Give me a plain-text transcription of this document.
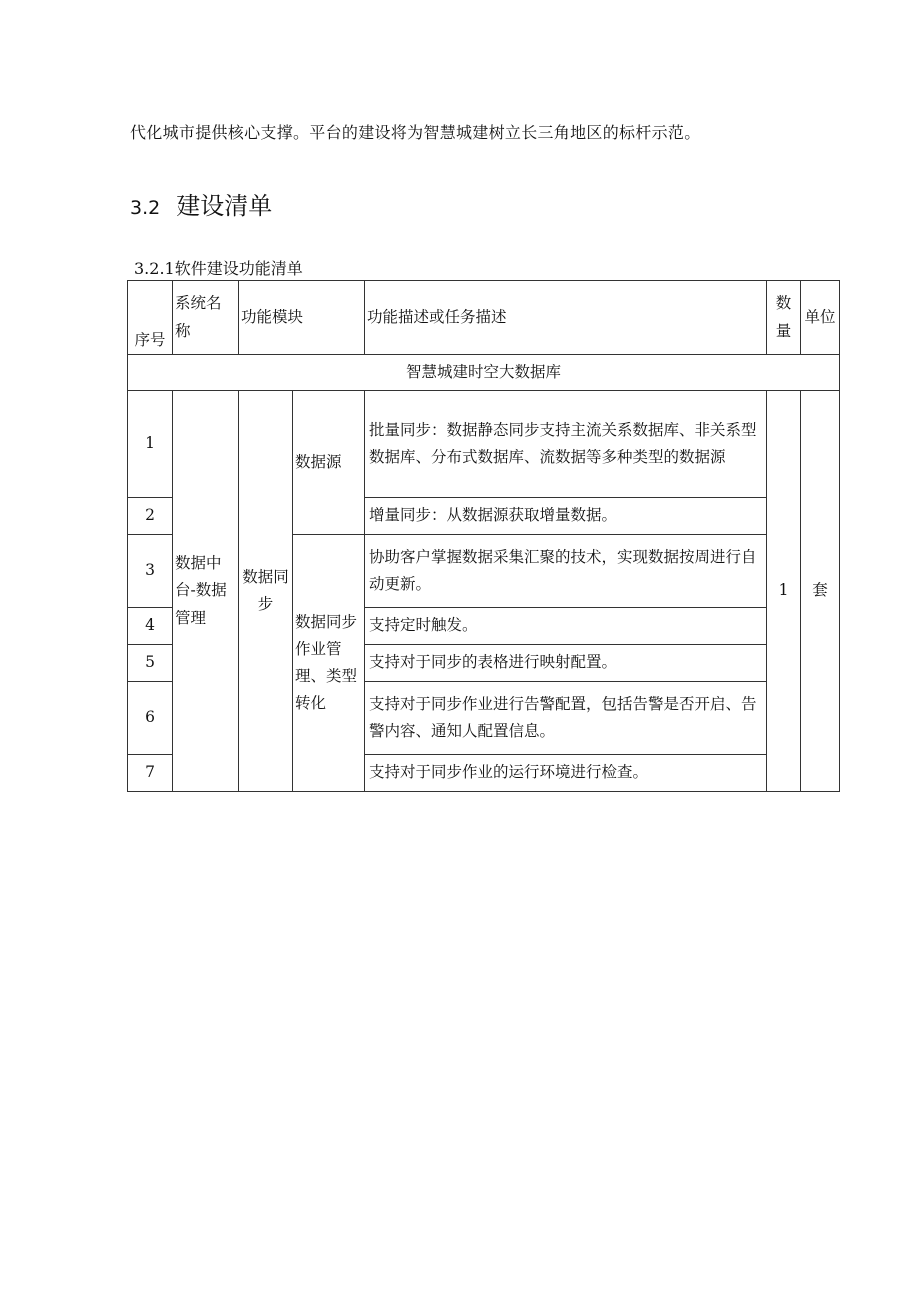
代化城市提供核心支撑。平台的建设将为智慧城建树立长三角地区的标杆示范。
3.2 建设清单
3.2.1软件建设功能清单
序号	系统名称	功能模块		功能描述或任务描述	数量	单位
智慧城建时空大数据库						
1	数据中台-数据管理	数据同步	数据源	批量同步：数据静态同步支持主流关系数据库、非关系型数据库、分布式数据库、流数据等多种类型的数据源	1	套
2				增量同步：从数据源获取增量数据。		
3			数据同步作业管理、类型转化	协助客户掌握数据采集汇聚的技术，实现数据按周进行自动更新。		
4				支持定时触发。		
5				支持对于同步的表格进行映射配置。		
6				支持对于同步作业进行告警配置，包括告警是否开启、告警内容、通知人配置信息。		
7				支持对于同步作业的运行环境进行检查。		
